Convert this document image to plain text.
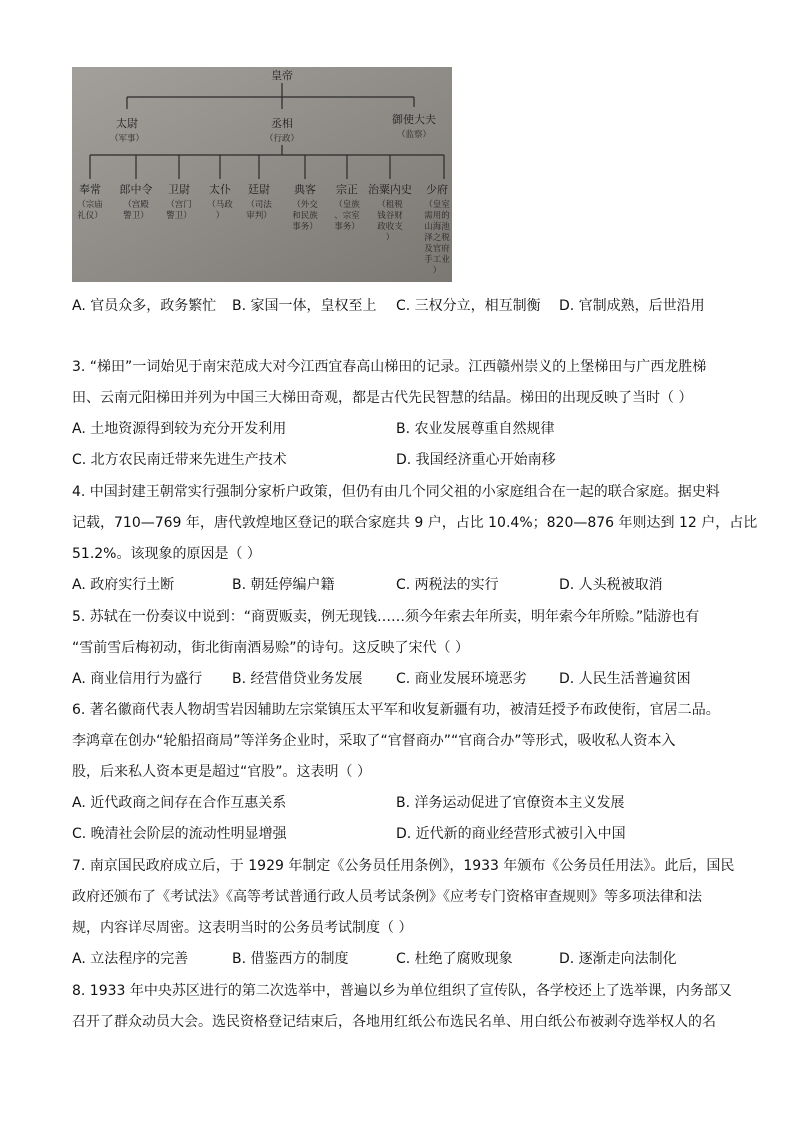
皇帝
太尉
（军事）
丞相
（行政）
御使大夫
（监察）
奉常
（宗庙礼仪）
郎中令
（宫殿警卫）
卫尉
（宫门警卫）
太仆
（马政）
廷尉
（司法审判）
典客
（外交和民族事务）
宗正
（皇族、宗室事务）
治粟内史
（租税钱谷财政收支）
少府
（皇室需用的山海池泽之税及官府手工业）
A. 官员众多，政务繁忙 B. 家国一体，皇权至上 C. 三权分立，相互制衡 D. 官制成熟，后世沿用
3. “梯田”一词始见于南宋范成大对今江西宜春高山梯田的记录。江西赣州崇义的上堡梯田与广西龙胜梯
田、云南元阳梯田并列为中国三大梯田奇观，都是古代先民智慧的结晶。梯田的出现反映了当时（ ）
A. 土地资源得到较为充分开发利用	B. 农业发展尊重自然规律
C. 北方农民南迁带来先进生产技术	D. 我国经济重心开始南移
4. 中国封建王朝常实行强制分家析户政策，但仍有由几个同父祖的小家庭组合在一起的联合家庭。据史料
记载，710—769 年，唐代敦煌地区登记的联合家庭共 9 户，占比 10.4%；820—876 年则达到 12 户，占比
51.2%。该现象的原因是（ ）
A. 政府实行土断	B. 朝廷停编户籍	C. 两税法的实行	D. 人头税被取消
5. 苏轼在一份奏议中说到：“商贾贩卖，例无现钱……须今年索去年所卖，明年索今年所赊。”陆游也有
“雪前雪后梅初动，街北街南酒易赊”的诗句。这反映了宋代（ ）
A. 商业信用行为盛行 B. 经营借贷业务发展 C. 商业发展环境恶劣 D. 人民生活普遍贫困
6. 著名徽商代表人物胡雪岩因辅助左宗棠镇压太平军和收复新疆有功，被清廷授予布政使衔，官居二品。
李鸿章在创办“轮船招商局”等洋务企业时，采取了“官督商办”“官商合办”等形式，吸收私人资本入
股，后来私人资本更是超过“官股”。这表明（ ）
A. 近代政商之间存在合作互惠关系	B. 洋务运动促进了官僚资本主义发展
C. 晚清社会阶层的流动性明显增强	D. 近代新的商业经营形式被引入中国
7. 南京国民政府成立后，于 1929 年制定《公务员任用条例》，1933 年颁布《公务员任用法》。此后，国民
政府还颁布了《考试法》《高等考试普通行政人员考试条例》《应考专门资格审查规则》等多项法律和法
规，内容详尽周密。这表明当时的公务员考试制度（ ）
A. 立法程序的完善	B. 借鉴西方的制度	C. 杜绝了腐败现象	D. 逐渐走向法制化
8. 1933 年中央苏区进行的第二次选举中，普遍以乡为单位组织了宣传队，各学校还上了选举课，内务部又
召开了群众动员大会。选民资格登记结束后，各地用红纸公布选民名单、用白纸公布被剥夺选举权人的名
